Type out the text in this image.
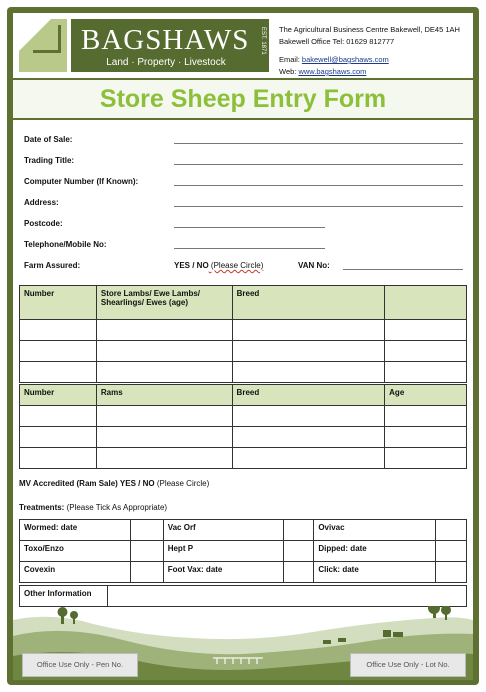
BAGSHAWS EST. 1871
Land · Property · Livestock
The Agricultural Business Centre Bakewell, DE45 1AH
Bakewell Office Tel: 01629 812777
Email: bakewell@bagshaws.com
Web: www.bagshaws.com
Store Sheep Entry Form
Date of Sale:
Trading Title:
Computer Number (If Known):
Address:
Postcode:
Telephone/Mobile No:
Farm Assured:	YES / NO (Please Circle)	VAN No:
Number	Store Lambs/ Ewe Lambs/ Shearlings/ Ewes (age)	Breed	

Number	Rams	Breed	Age

MV Accredited (Ram Sale) YES / NO (Please Circle)
Treatments: (Please Tick As Appropriate)
Wormed: date		Vac Orf		Ovivac	
Toxo/Enzo		Hept P		Dipped: date	
Covexin		Foot Vax: date		Click: date	
Other Information	
Office Use Only - Pen No.	Office Use Only - Lot No.
